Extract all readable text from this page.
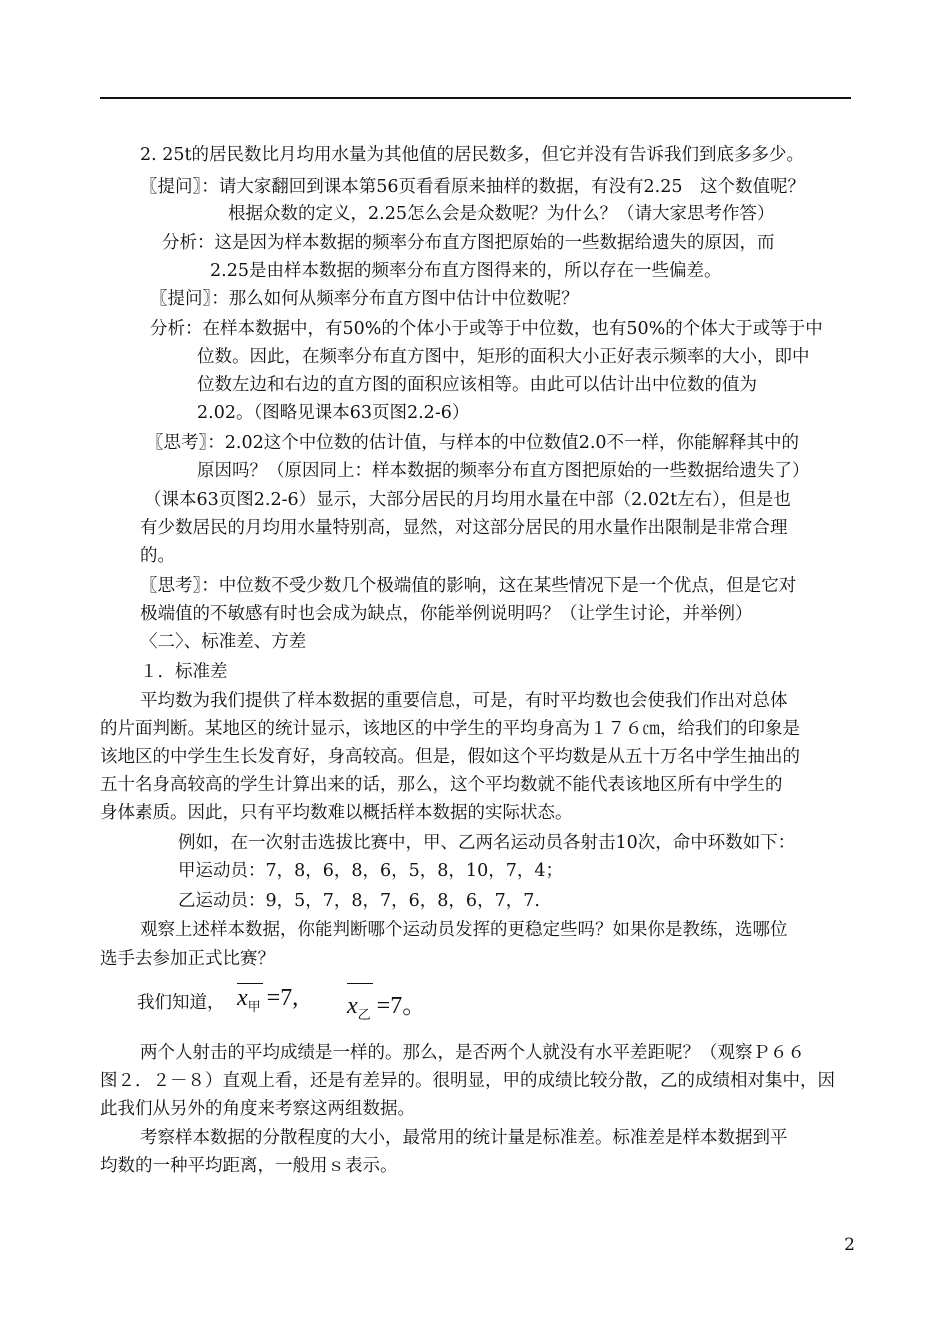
2. 25t的居民数比月均用水量为其他值的居民数多，但它并没有告诉我们到底多多少。
〖提问〗：请大家翻回到课本第56页看看原来抽样的数据，有没有2.25　这个数值呢？
根据众数的定义，2.25怎么会是众数呢？为什么？（请大家思考作答）
分析：这是因为样本数据的频率分布直方图把原始的一些数据给遗失的原因，而
2.25是由样本数据的频率分布直方图得来的，所以存在一些偏差。
〖提问〗：那么如何从频率分布直方图中估计中位数呢？
分析：在样本数据中，有50%的个体小于或等于中位数，也有50%的个体大于或等于中
位数。因此，在频率分布直方图中，矩形的面积大小正好表示频率的大小，即中
位数左边和右边的直方图的面积应该相等。由此可以估计出中位数的值为
2.02。（图略见课本63页图2.2-6）
〖思考〗：2.02这个中位数的估计值，与样本的中位数值2.0不一样，你能解释其中的
原因吗？（原因同上：样本数据的频率分布直方图把原始的一些数据给遗失了）
（课本63页图2.2-6）显示，大部分居民的月均用水量在中部（2.02t左右），但是也
有少数居民的月均用水量特别高，显然，对这部分居民的用水量作出限制是非常合理
的。
〖思考〗：中位数不受少数几个极端值的影响，这在某些情况下是一个优点，但是它对
极端值的不敏感有时也会成为缺点，你能举例说明吗？（让学生讨论，并举例）
〈二〉、标准差、方差
１．标准差
平均数为我们提供了样本数据的重要信息，可是，有时平均数也会使我们作出对总体
的片面判断。某地区的统计显示，该地区的中学生的平均身高为１７６㎝，给我们的印象是
该地区的中学生生长发育好，身高较高。但是，假如这个平均数是从五十万名中学生抽出的
五十名身高较高的学生计算出来的话，那么，这个平均数就不能代表该地区所有中学生的
身体素质。因此，只有平均数难以概括样本数据的实际状态。
例如，在一次射击选拔比赛中，甲、乙两名运动员各射击10次，命中环数如下：
甲运动员：7，8，6，8，6，5，8，10，7，4；
乙运动员：9，5，7，8，7，6，8，6，7，7.
观察上述样本数据，你能判断哪个运动员发挥的更稳定些吗？如果你是教练，选哪位
选手去参加正式比赛？
我们知道， $x_甲 =7$, $x_乙 =7$。
两个人射击的平均成绩是一样的。那么，是否两个人就没有水平差距呢？（观察Ｐ６６
图２．２－８）直观上看，还是有差异的。很明显，甲的成绩比较分散，乙的成绩相对集中，因
此我们从另外的角度来考察这两组数据。
考察样本数据的分散程度的大小，最常用的统计量是标准差。标准差是样本数据到平
均数的一种平均距离，一般用ｓ表示。
2
